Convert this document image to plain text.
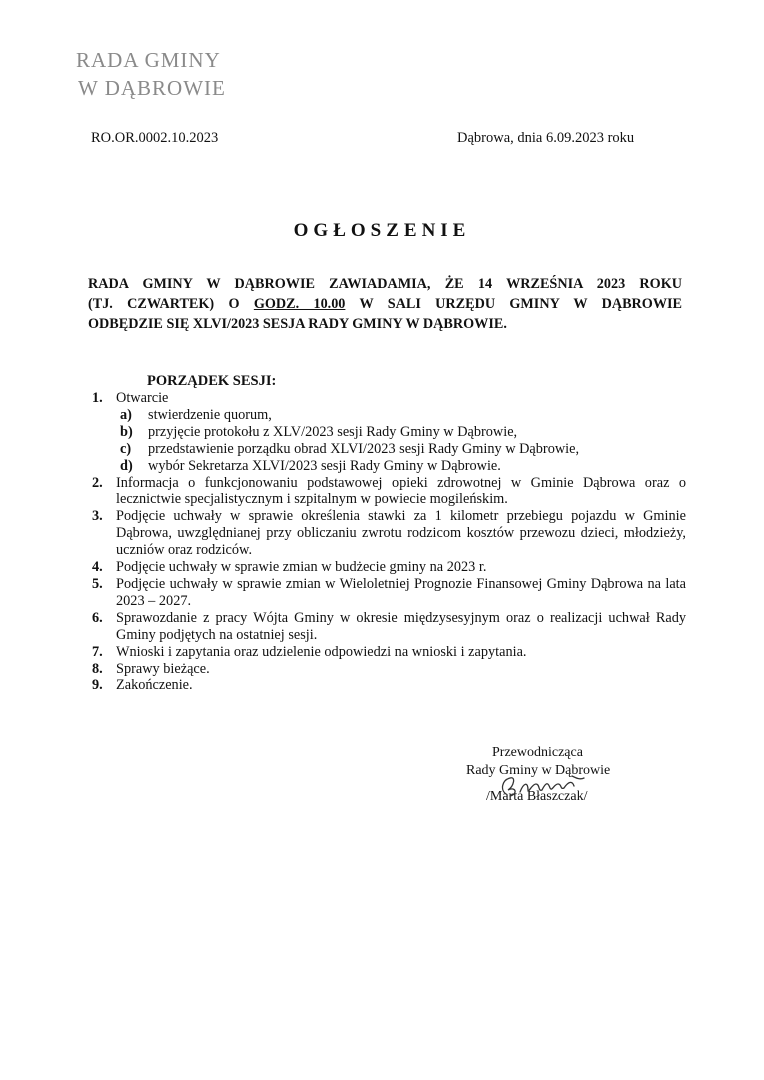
RADA GMINY
W DĄBROWIE
RO.OR.0002.10.2023	Dąbrowa, dnia 6.09.2023 roku
OGŁOSZENIE

RADA GMINY W DĄBROWIE ZAWIADAMIA, ŻE 14 WRZEŚNIA 2023 ROKU

(TJ. CZWARTEK) O GODZ. 10.00 W SALI URZĘDU GMINY W DĄBROWIE

ODBĘDZIE SIĘ XLVI/2023 SESJA RADY GMINY W DĄBROWIE.

PORZĄDEK SESJI:
1. Otwarcie
a) stwierdzenie quorum,
b) przyjęcie protokołu z XLV/2023 sesji Rady Gminy w Dąbrowie,
c) przedstawienie porządku obrad XLVI/2023 sesji Rady Gminy w Dąbrowie,
d) wybór Sekretarza XLVI/2023 sesji Rady Gminy w Dąbrowie.
2. Informacja o funkcjonowaniu podstawowej opieki zdrowotnej w Gminie Dąbrowa oraz o lecznictwie specjalistycznym i szpitalnym w powiecie mogileńskim.
3. Podjęcie uchwały w sprawie określenia stawki za 1 kilometr przebiegu pojazdu w Gminie Dąbrowa, uwzględnianej przy obliczaniu zwrotu rodzicom kosztów przewozu dzieci, młodzieży, uczniów oraz rodziców.
4. Podjęcie uchwały w sprawie zmian w budżecie gminy na 2023 r.
5. Podjęcie uchwały w sprawie zmian w Wieloletniej Prognozie Finansowej Gminy Dąbrowa na lata 2023 – 2027.
6. Sprawozdanie z pracy Wójta Gminy w okresie międzysesyjnym oraz o realizacji uchwał Rady Gminy podjętych na ostatniej sesji.
7. Wnioski i zapytania oraz udzielenie odpowiedzi na wnioski i zapytania.
8. Sprawy bieżące.
9. Zakończenie.
Przewodnicząca
Rady Gminy w Dąbrowie
/Marta Błaszczak/
